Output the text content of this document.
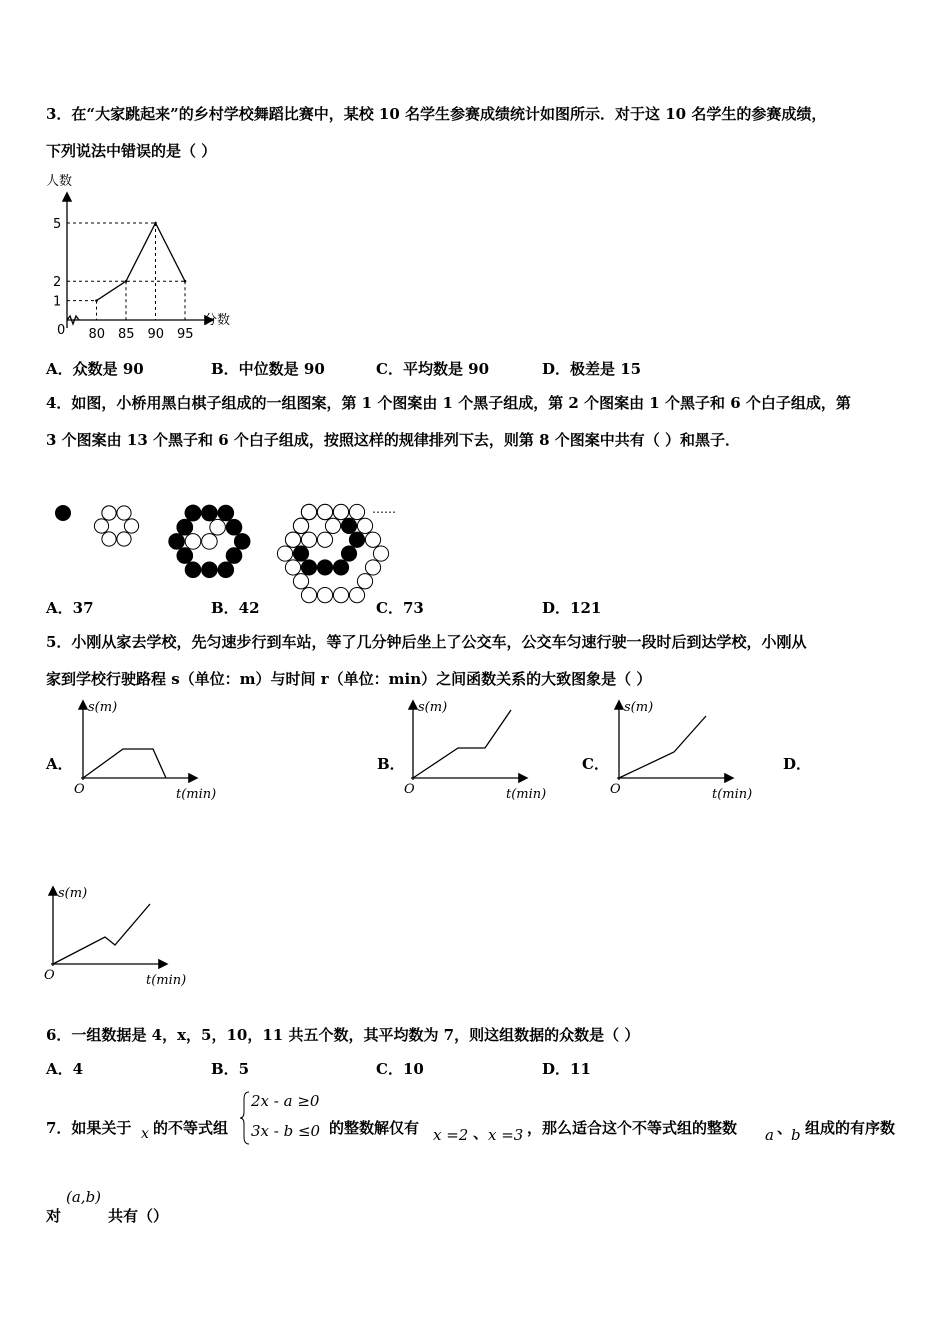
3．在“大家跳起来”的乡村学校舞蹈比赛中，某校 10 名学生参赛成绩统计如图所示．对于这 10 名学生的参赛成绩，
下列说法中错误的是（ ）
人数
分数
0
1
2
5
80 85 90 95
A．众数是 90	B．中位数是 90	C．平均数是 90	D．极差是 15
4．如图，小桥用黑白棋子组成的一组图案，第 1 个图案由 1 个黑子组成，第 2 个图案由 1 个黑子和 6 个白子组成，第
3 个图案由 13 个黑子和 6 个白子组成，按照这样的规律排列下去，则第 8 个图案中共有（ ）和黑子．
……
A．37	B．42	C．73	D．121
5．小刚从家去学校，先匀速步行到车站，等了几分钟后坐上了公交车，公交车匀速行驶一段时后到达学校，小刚从
家到学校行驶路程 s（单位：m）与时间 r（单位：min）之间函数关系的大致图象是（ ）
A．
s(m)
t(min)
O
B．
s(m)
t(min)
O
C．
s(m)
t(min)
O
D．
s(m)
t(min)
O
6．一组数据是 4，x，5，10，11 共五个数，其平均数为 7，则这组数据的众数是（ ）
A．4	B．5	C．10	D．11
7．如果关于 x 的不等式组
2x - a ≥0
3x - b ≤0 的整数解仅有 x =2 、 x =3 ，那么适合这个不等式组的整数 a 、
b 组成的有序数
对
(a,b)
共有（）
